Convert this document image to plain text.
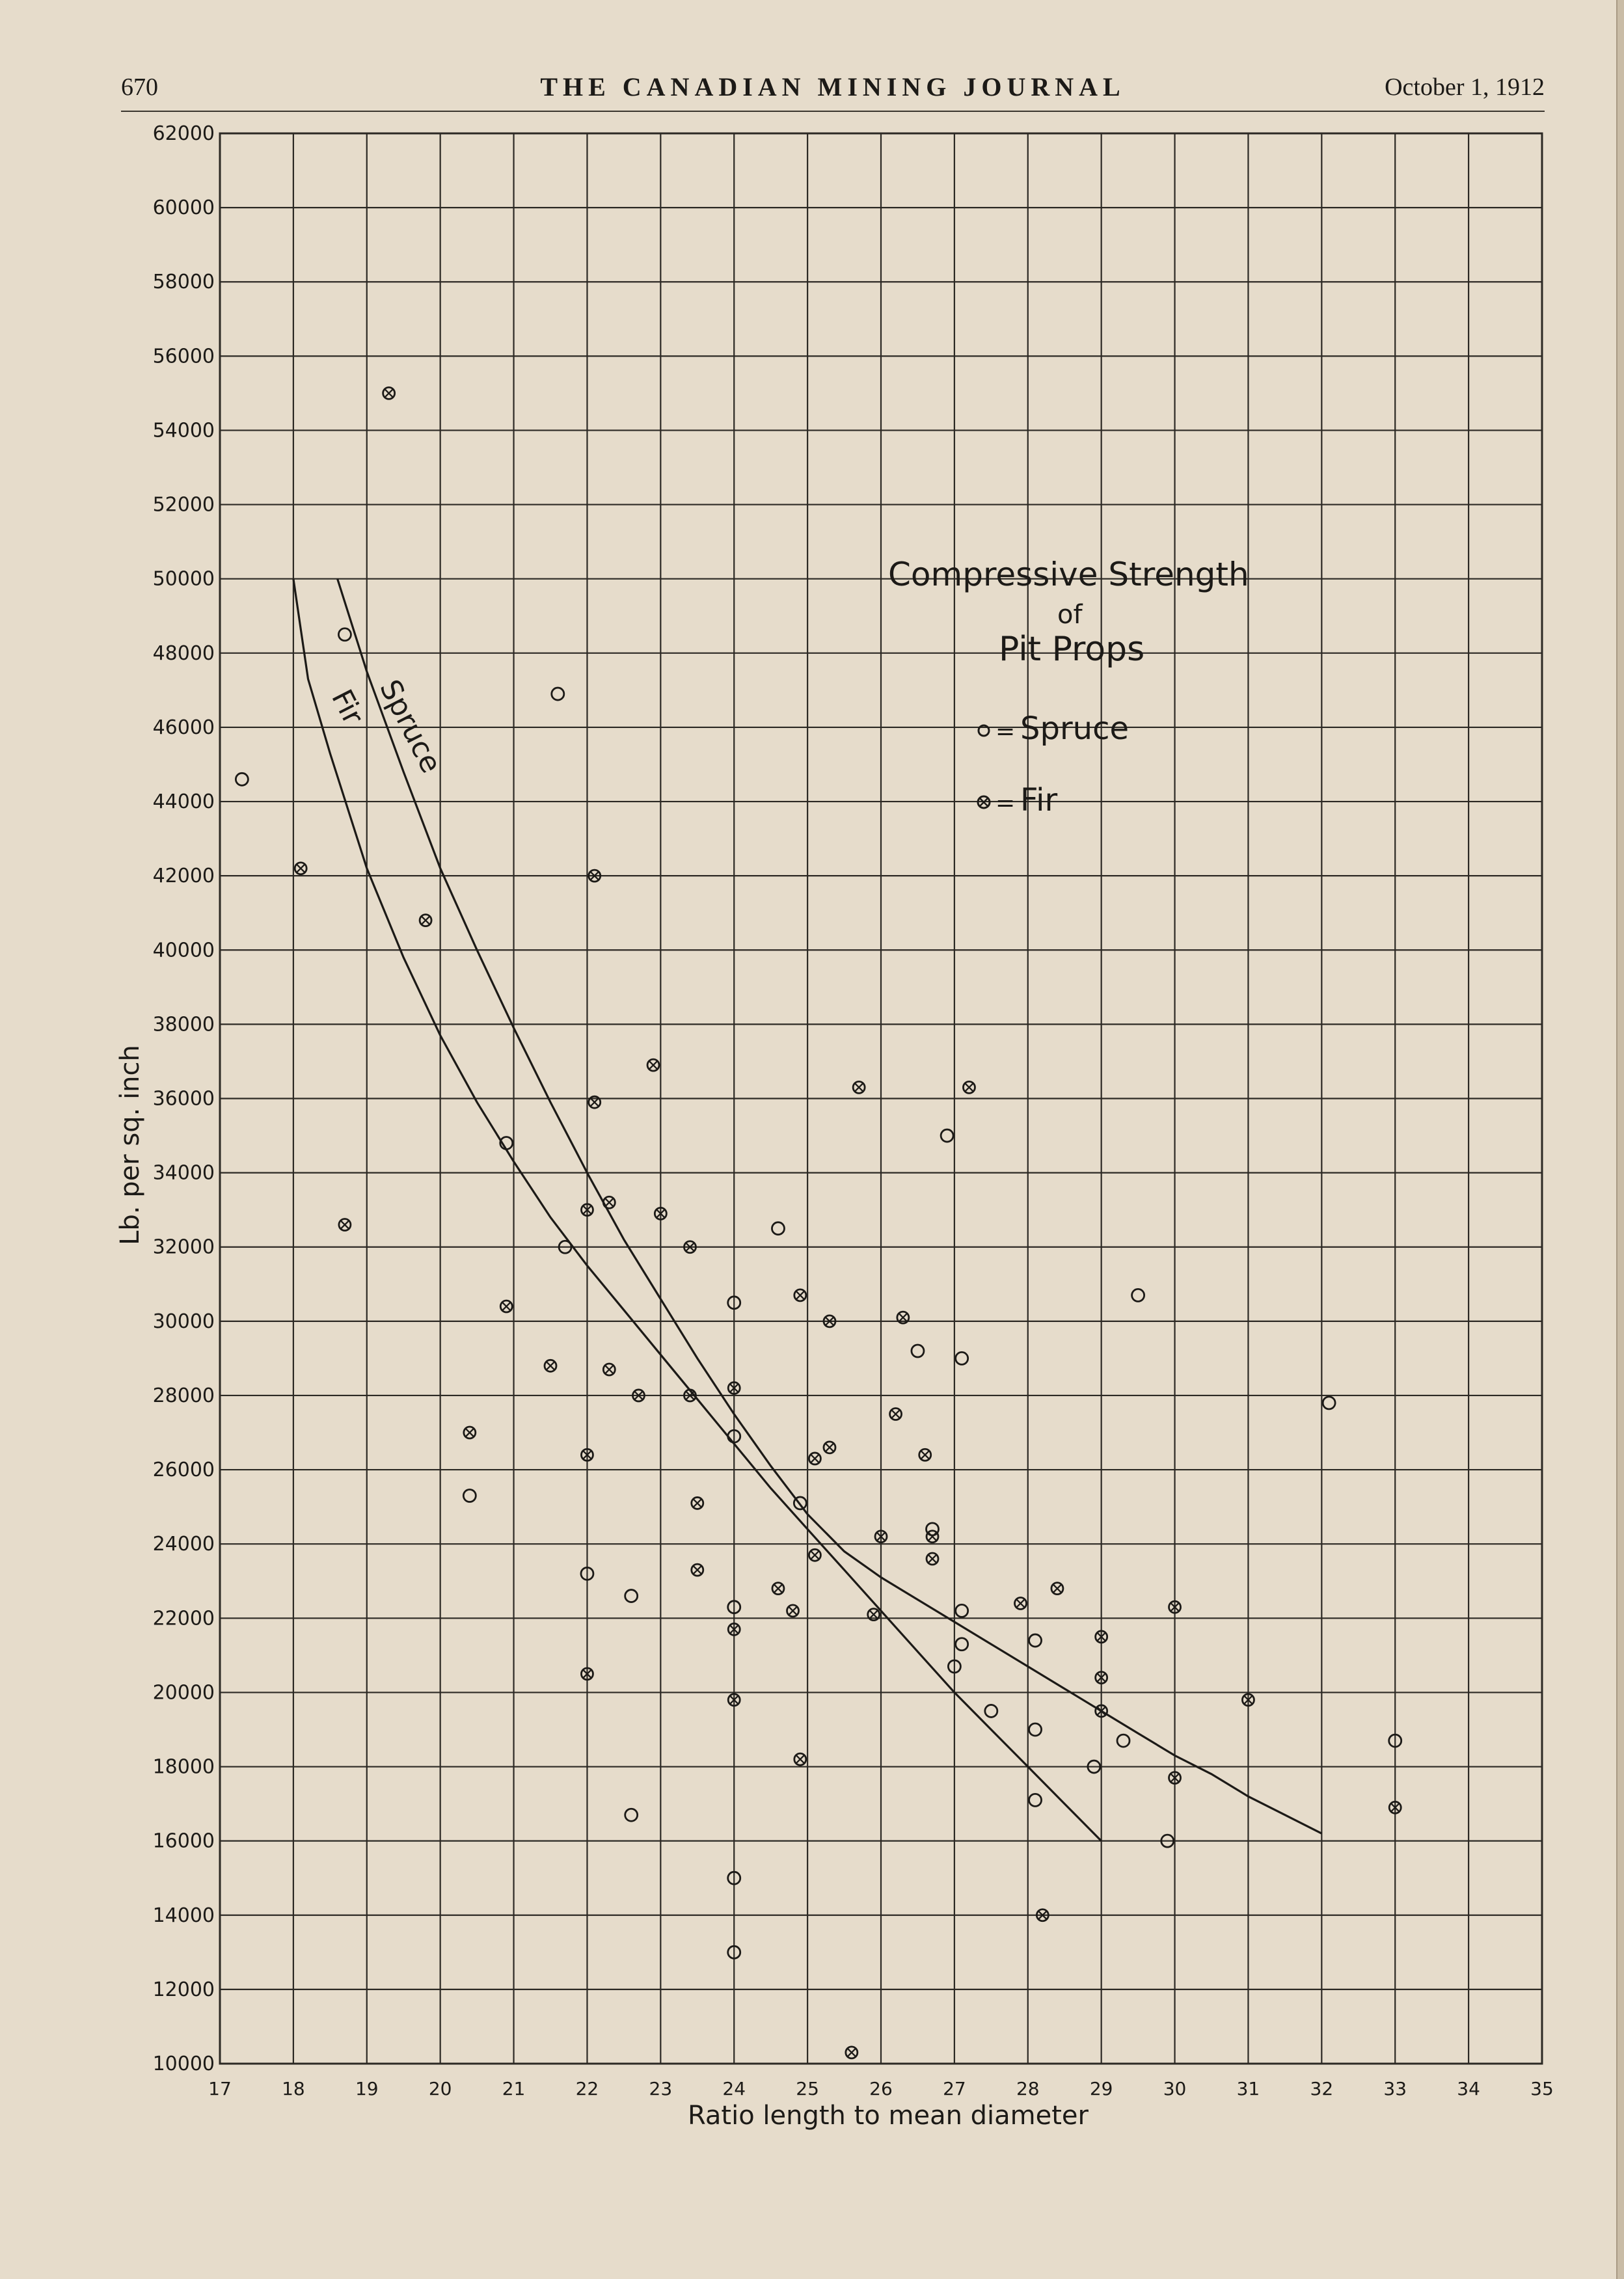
670	THE CANADIAN MINING JOURNAL	October 1, 1912
17	18	19	20	21	22	23	24	25	26	27	28	29	30	31	32	33	34	35
10000
12000
14000
16000
18000
20000
22000
24000
26000
28000
30000
32000
34000
36000
38000
40000
42000
44000
46000
48000
50000
52000
54000
56000
58000
60000
62000
Spruce
Fir
Compressive Strength
of
Pit Props
= Spruce
= Fir
Ratio length to mean diameter
Lb. per sq. inch
